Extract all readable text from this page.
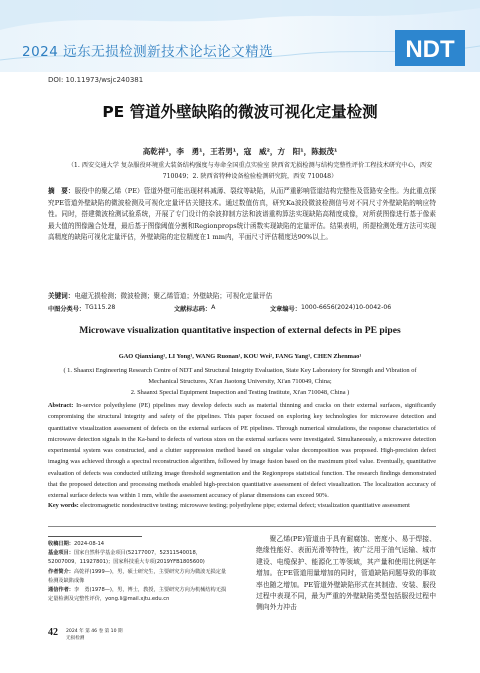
2024 远东无损检测新技术论坛论文精选	NDT
DOI: 10.11973/wsjc240381
PE 管道外壁缺陷的微波可视化定量检测
高乾祥¹，李　勇¹，王若男¹，寇　威²，方　阳¹，陈振茂¹
（1. 西安交通大学 复杂服役环境重大装备结构强度与寿命全国重点实验室 陕西省无损检测与结构完整性评价工程技术研究中心，西安 710049；2. 陕西省特种设备检验检测研究院，西安 710048）
摘　要：服役中的聚乙烯（PE）管道外壁可能出现材料减薄、裂纹等缺陷，从而严重影响管道结构完整性及管路安全性。为此重点探究PE管道外壁缺陷的微波检测及可视化定量评估关键技术。通过数值仿真，研究Ka波段微波检测信号对不同尺寸外壁缺陷的响应特性。同时，搭建微波检测试验系统，开展了专门设计的杂波抑制方法和波谱重构算法实现缺陷高精度成像，对所获图像进行基于像素最大值的图像融合处理，最后基于图像阈值分割和Regionprops统计函数实现缺陷的定量评估。结果表明，所提检测处理方法可实现高精度的缺陷可视化定量评估，外壁缺陷的定位精度在1 mm内，平面尺寸评估精度达90%以上。
关键词：电磁无损检测；微波检测；聚乙烯管道；外壁缺陷；可视化定量评估
中图分类号： TG115.28	文献标志码： A	文章编号： 1000-6656(2024)10-0042-06
Microwave visualization quantitative inspection of external defects in PE pipes
GAO Qianxiang¹, LI Yong¹, WANG Ruonan¹, KOU Wei², FANG Yang¹, CHEN Zhenmao¹
( 1. Shaanxi Engineering Research Centre of NDT and Structural Integrity Evaluation, State Key Laboratory for Strength and Vibration of Mechanical Structures, Xi'an Jiaotong University, Xi'an 710049, China;
2. Shaanxi Special Equipment Inspection and Testing Institute, Xi'an 710048, China )
Abstract: In-service polyethylene (PE) pipelines may develop defects such as material thinning and cracks on their external surfaces, significantly compromising the structural integrity and safety of the pipelines. This paper focused on exploring key technologies for microwave detection and quantitative visualization assessment of defects on the external surfaces of PE pipelines. Through numerical simulations, the response characteristics of microwave detection signals in the Ka-band to defects of various sizes on the external surfaces were investigated. Simultaneously, a microwave detection experimental system was constructed, and a clutter suppression method based on singular value decomposition was proposed. High-precision defect imaging was achieved through a spectral reconstruction algorithm, followed by image fusion based on the maximum pixel value. Eventually, quantitative evaluation of defects was conducted utilizing image threshold segmentation and the Regionprops statistical function. The research findings demonstrated that the proposed detection and processing methods enabled high-precision quantitative assessment of defect visualization. The localization accuracy of external surface defects was within 1 mm, while the assessment accuracy of planar dimensions can exceed 90%.
Key words: electromagnetic nondestructive testing; microwave testing; polyethylene pipe; external defect; visualization quantitative assessment
收稿日期：2024-08-14
基金项目：国家自然科学基金项目(52177007，52311540018，52007009，11927801)；国家科技重大专项(2019YFB1805600)
作者简介：高乾祥(1999—)，男，硕士研究生，主要研究方向为微波无损定量检测及缺陷成像
通信作者：李　勇(1978—)，男，博士，教授，主要研究方向为机械结构无损定量检测及完整性评价，yong.li@mail.xjtu.edu.cn
42 2024 年 第 46 卷 第 10 期
无损检测
聚乙烯(PE)管道由于具有耐腐蚀、密度小、易于焊接、绝缘性能好、表面光滑等特性，被广泛用于油气运输、城市建设、电缆保护、能源化工等领域，其产量和使用比例逐年增加。在PE管道用量增加的同时，管道缺陷问题导致的事故率也随之增加。PE管道外壁缺陷形式在其制造、安装、服役过程中表现不同，最为严重的外壁缺陷类型包括服役过程中侧向外力冲击
